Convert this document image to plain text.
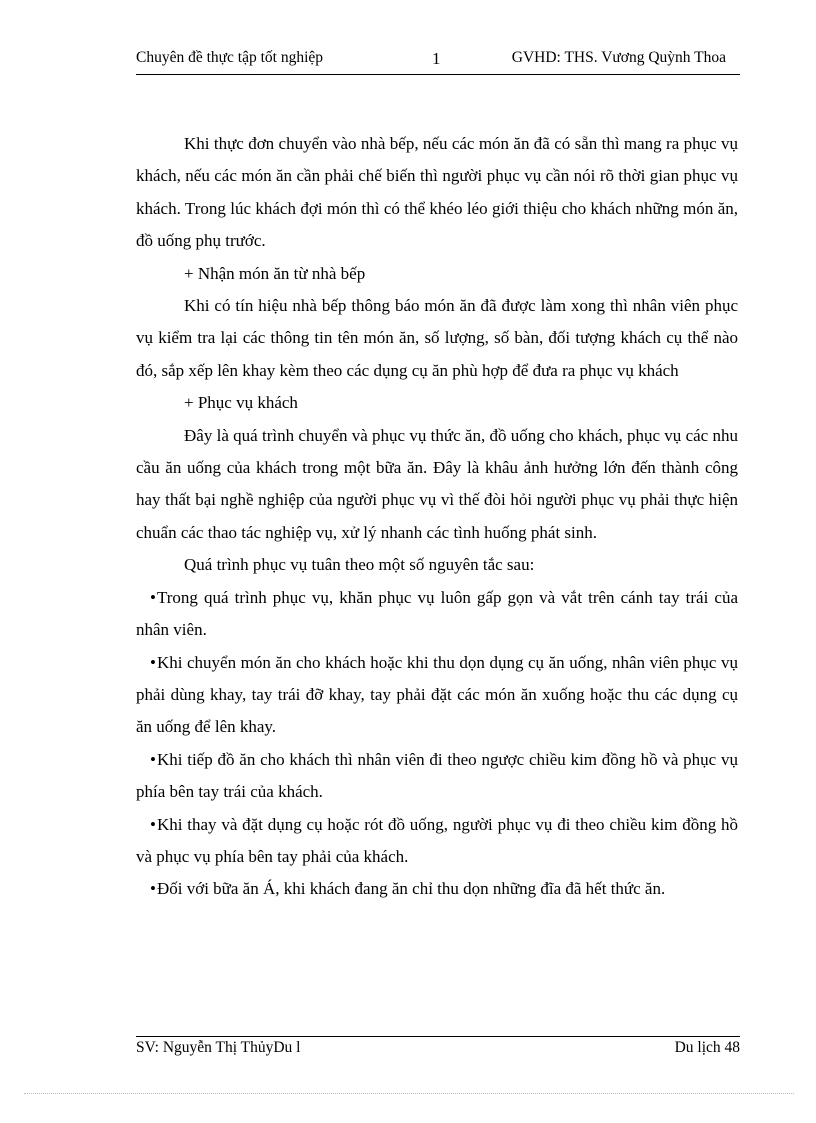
Chuyên đề thực tập tốt nghiệp	1	GVHD: THS. Vương Quỳnh Thoa

Khi thực đơn chuyển vào nhà bếp, nếu các món ăn đã có sẵn thì mang ra phục vụ khách, nếu các món ăn cần phải chế biến thì người phục vụ cần nói rõ thời gian phục vụ khách. Trong lúc khách đợi món thì có thể khéo léo giới thiệu cho khách những món ăn, đồ uống phụ trước.

+ Nhận món ăn từ nhà bếp

Khi có tín hiệu nhà bếp thông báo món ăn đã được làm xong thì nhân viên phục vụ kiểm tra lại các thông tin tên món ăn, số lượng, số bàn, đối tượng khách cụ thể nào đó, sắp xếp lên khay kèm theo các dụng cụ ăn phù hợp để đưa ra phục vụ khách

+ Phục vụ khách

Đây là quá trình chuyển và phục vụ thức ăn, đồ uống cho khách, phục vụ các nhu cầu ăn uống của khách trong một bữa ăn. Đây là khâu ảnh hưởng lớn đến thành công hay thất bại nghề nghiệp của người phục vụ vì thế đòi hỏi người phục vụ phải thực hiện chuẩn các thao tác nghiệp vụ, xử lý nhanh các tình huống phát sinh.

Quá trình phục vụ tuân theo một số nguyên tắc sau:

•Trong quá trình phục vụ, khăn phục vụ luôn gấp gọn và vắt trên cánh tay trái của nhân viên.

•Khi chuyển món ăn cho khách hoặc khi thu dọn dụng cụ ăn uống, nhân viên phục vụ phải dùng khay, tay trái đỡ khay, tay phải đặt các món ăn xuống hoặc thu các dụng cụ ăn uống để lên khay.

•Khi tiếp đồ ăn cho khách thì nhân viên đi theo ngược chiều kim đồng hồ và phục vụ phía bên tay trái của khách.

•Khi thay và đặt dụng cụ hoặc rót đồ uống, người phục vụ đi theo chiều kim đồng hồ và phục vụ phía bên tay phải của khách.

•Đối với bữa ăn Á, khi khách đang ăn chỉ thu dọn những đĩa đã hết thức ăn.

SV: Nguyễn Thị ThủyDu l	Du lịch 48
